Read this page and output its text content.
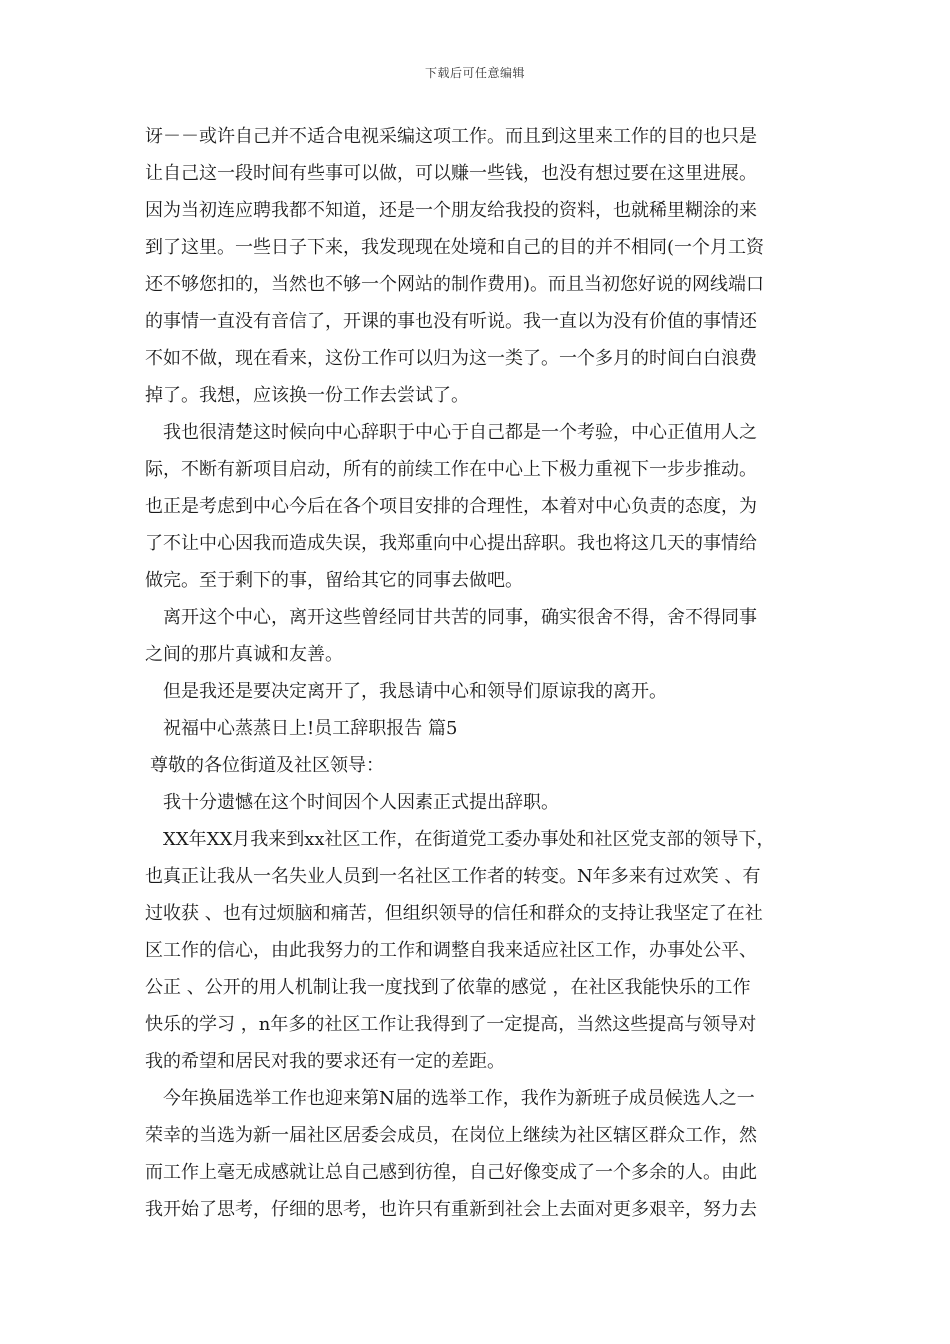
下载后可任意编辑

讶－－或许自己并不适合电视采编这项工作。而且到这里来工作的目的也只是

让自己这一段时间有些事可以做，可以赚一些钱，也没有想过要在这里进展。

因为当初连应聘我都不知道，还是一个朋友给我投的资料，也就稀里糊涂的来

到了这里。一些日子下来，我发现现在处境和自己的目的并不相同(一个月工资

还不够您扣的，当然也不够一个网站的制作费用)。而且当初您好说的网线端口

的事情一直没有音信了，开课的事也没有听说。我一直以为没有价值的事情还

不如不做，现在看来，这份工作可以归为这一类了。一个多月的时间白白浪费

掉了。我想，应该换一份工作去尝试了。

我也很清楚这时候向中心辞职于中心于自己都是一个考验，中心正值用人之

际，不断有新项目启动，所有的前续工作在中心上下极力重视下一步步推动。

也正是考虑到中心今后在各个项目安排的合理性，本着对中心负责的态度，为

了不让中心因我而造成失误，我郑重向中心提出辞职。我也将这几天的事情给

做完。至于剩下的事，留给其它的同事去做吧。

离开这个中心，离开这些曾经同甘共苦的同事，确实很舍不得，舍不得同事

之间的那片真诚和友善。

但是我还是要决定离开了，我恳请中心和领导们原谅我的离开。

祝福中心蒸蒸日上!员工辞职报告 篇5

尊敬的各位街道及社区领导：

我十分遗憾在这个时间因个人因素正式提出辞职。

XX年XX月我来到xx社区工作，在街道党工委办事处和社区党支部的领导下，

也真正让我从一名失业人员到一名社区工作者的转变。N年多来有过欢笑 、有

过收获 、也有过烦脑和痛苦，但组织领导的信任和群众的支持让我坚定了在社

区工作的信心，由此我努力的工作和调整自我来适应社区工作，办事处公平、

公正 、公开的用人机制让我一度找到了依靠的感觉 ，在社区我能快乐的工作

快乐的学习 ，n年多的社区工作让我得到了一定提高，当然这些提高与领导对

我的希望和居民对我的要求还有一定的差距。

今年换届选举工作也迎来第N届的选举工作，我作为新班子成员候选人之一

荣幸的当选为新一届社区居委会成员，在岗位上继续为社区辖区群众工作，然

而工作上毫无成感就让总自己感到彷徨，自己好像变成了一个多余的人。由此

我开始了思考，仔细的思考，也许只有重新到社会上去面对更多艰辛，努力去
